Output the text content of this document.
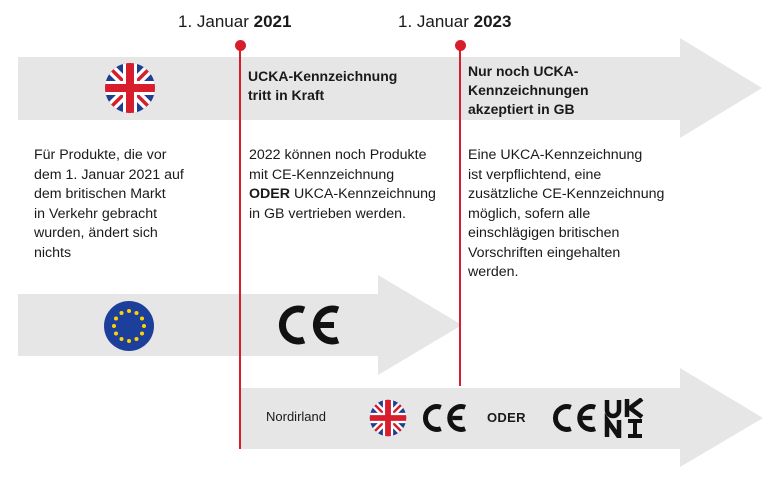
1. Januar 2021	1. Januar 2023
UCKA-Kennzeichnung
tritt in Kraft
Nur noch UCKA-
Kennzeichnungen
akzeptiert in GB
Für Produkte, die vor
dem 1. Januar 2021 auf
dem britischen Markt
in Verkehr gebracht
wurden, ändert sich
nichts
2022 können noch Produkte
mit CE-Kennzeichnung
ODER UKCA-Kennzeichnung
in GB vertrieben werden.
Eine UKCA-Kennzeichnung
ist verpflichtend, eine
zusätzliche CE-Kennzeichnung
möglich, sofern alle
einschlägigen britischen
Vorschriften eingehalten
werden.
Nordirland	ODER
